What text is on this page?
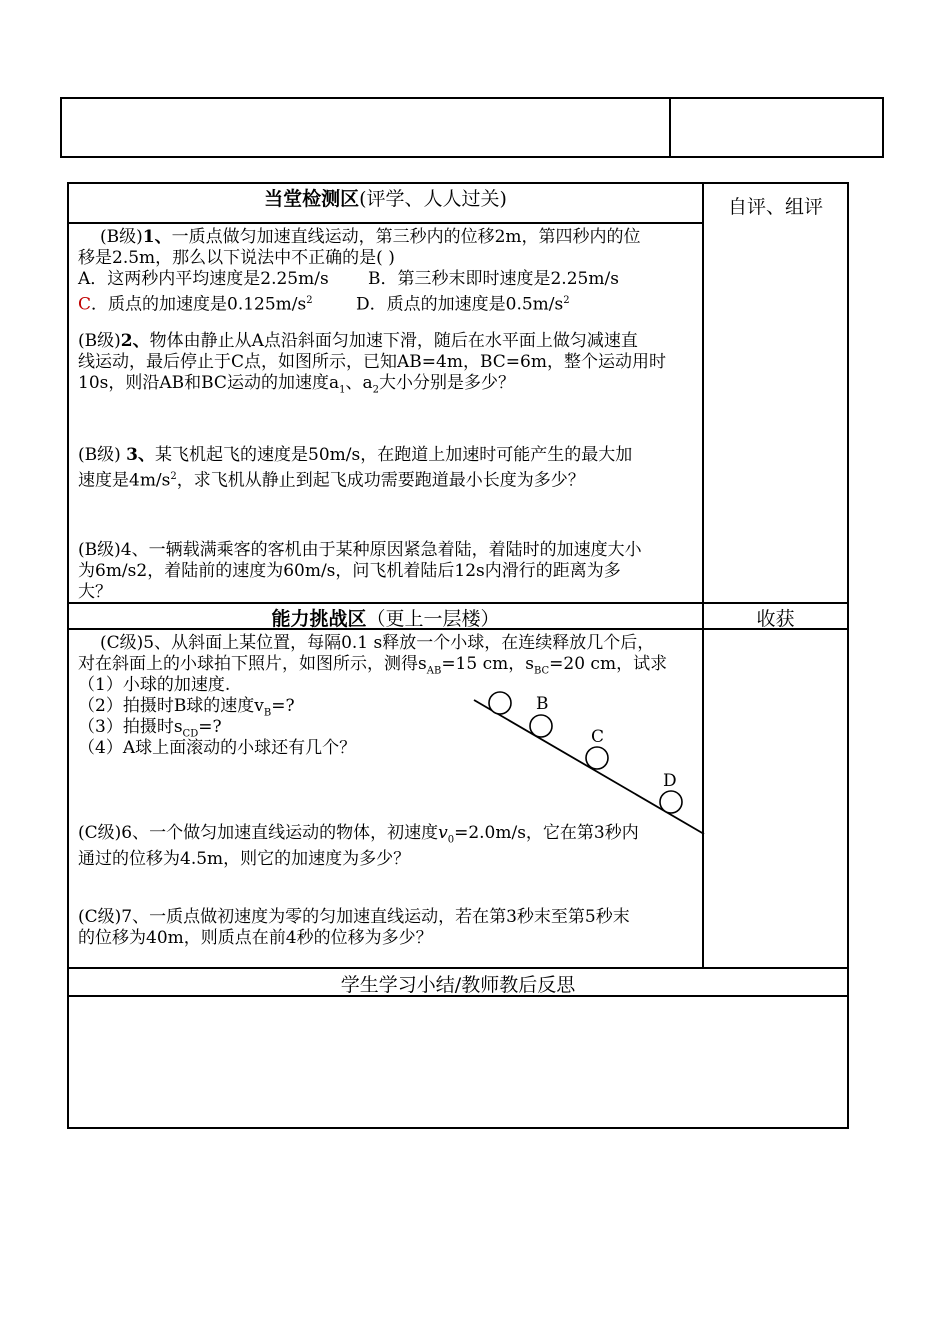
当堂检测区(评学、人人过关)	自评、组评
(B级)1、一质点做匀加速直线运动，第三秒内的位移2m，第四秒内的位
移是2.5m，那么以下说法中不正确的是( )
A．这两秒内平均速度是2.25m/s B．第三秒末即时速度是2.25m/s
C．质点的加速度是$0.125m/s^2$	D．质点的加速度是$0.5m/s^2$
(B级)2、物体由静止从A点沿斜面匀加速下滑，随后在水平面上做匀减速直
线运动，最后停止于C点，如图所示，已知AB=4m，BC=6m，整个运动用时
10s，则沿AB和BC运动的加速度$a_1$、$a_2$大小分别是多少？
(B级) 3、某飞机起飞的速度是50m/s，在跑道上加速时可能产生的最大加
速度是$4m/s^2$，求飞机从静止到起飞成功需要跑道最小长度为多少？
(B级)4、一辆载满乘客的客机由于某种原因紧急着陆，着陆时的加速度大小
为6m/s2，着陆前的速度为60m/s，问飞机着陆后12s内滑行的距离为多
大？
能力挑战区（更上一层楼）	收获
(C级)5、从斜面上某位置，每隔0.1 s释放一个小球，在连续释放几个后，
对在斜面上的小球拍下照片，如图所示，测得$s_{AB}=15$ cm，$s_{BC}=20$ cm，试求
（1）小球的加速度.
（2）拍摄时B球的速度$v_B=$?
（3）拍摄时$s_{CD}=$?
（4）A球上面滚动的小球还有几个？
B
C
D
(C级)6、一个做匀加速直线运动的物体，初速度$v_0=2.0m/s$，它在第3秒内
通过的位移为4.5m，则它的加速度为多少？
(C级)7、一质点做初速度为零的匀加速直线运动，若在第3秒末至第5秒末
的位移为40m，则质点在前4秒的位移为多少？
学生学习小结/教师教后反思
